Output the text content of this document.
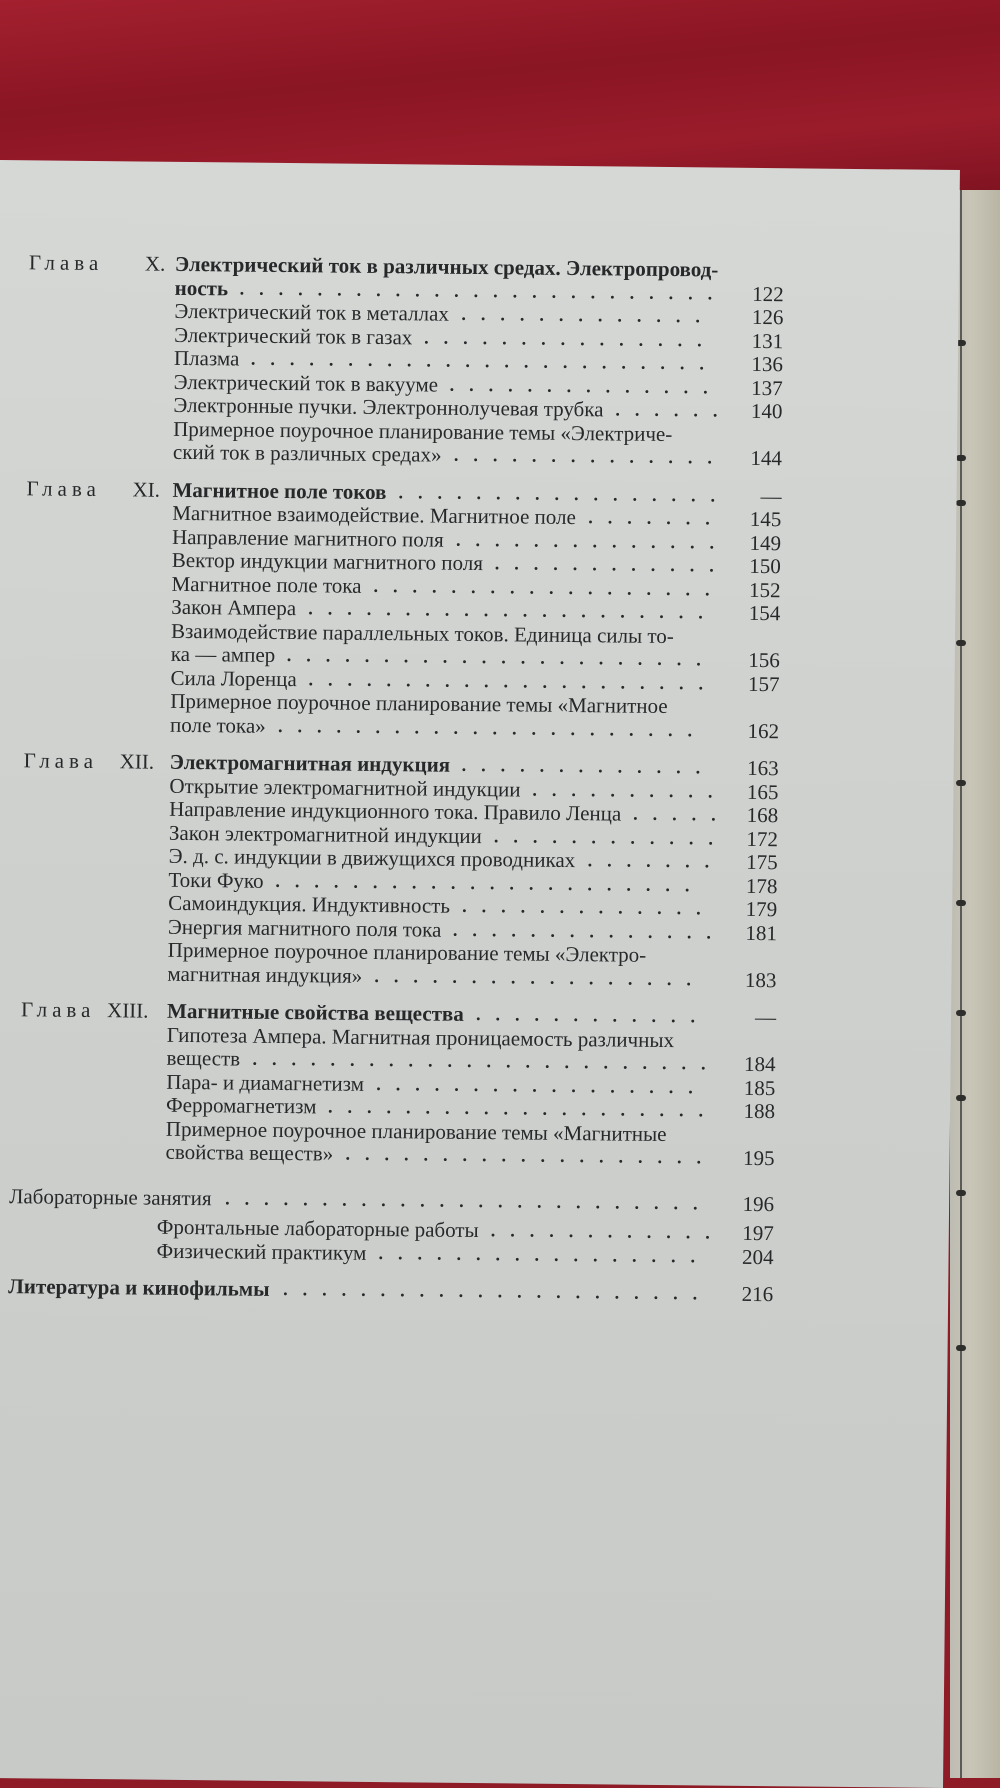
Глава X. Электрический ток в различных средах. Электропровод-
ность .........................	122
Электрический ток в металлах .............	126
Электрический ток в газах ...............	131
Плазма ........................	136
Электрический ток в вакууме ..............	137
Электронные пучки. Электроннолучевая трубка ...... 140
Примерное поурочное планирование темы «Электриче-
ский ток в различных средах» ..............	144
Глава XI. Магнитное поле токов .................	—
Магнитное взаимодействие. Магнитное поле .......	145
Направление магнитного поля .............. 149
Вектор индукции магнитного поля ............ 150
Магнитное поле тока ..................	152
Закон Ампера .....................	154
Взаимодействие параллельных токов. Единица силы то-
ка — ампер ......................	156
Сила Лоренца .....................	157
Примерное поурочное планирование темы «Магнитное
поле тока» ......................	162
Глава XII. Электромагнитная индукция .............	163
Открытие электромагнитной индукции .......... 165
Направление индукционного тока. Правило Ленца ..... 168
Закон электромагнитной индукции ............ 172
Э. д. с. индукции в движущихся проводниках .......	175
Токи Фуко ......................	178
Самоиндукция. Индуктивность .............	179
Энергия магнитного поля тока .............. 181
Примерное поурочное планирование темы «Электро-
магнитная индукция» .................	183
Глава XIII. Магнитные свойства вещества ............	—
Гипотеза Ампера. Магнитная проницаемость различных
веществ ........................	184
Пара- и диамагнетизм .................	185
Ферромагнетизм ....................	188
Примерное поурочное планирование темы «Магнитные
свойства веществ» ...................	195
Лабораторные занятия .........................	196
Фронтальные лабораторные работы ............ 197
Физический практикум .................	204
Литература и кинофильмы ......................	216
